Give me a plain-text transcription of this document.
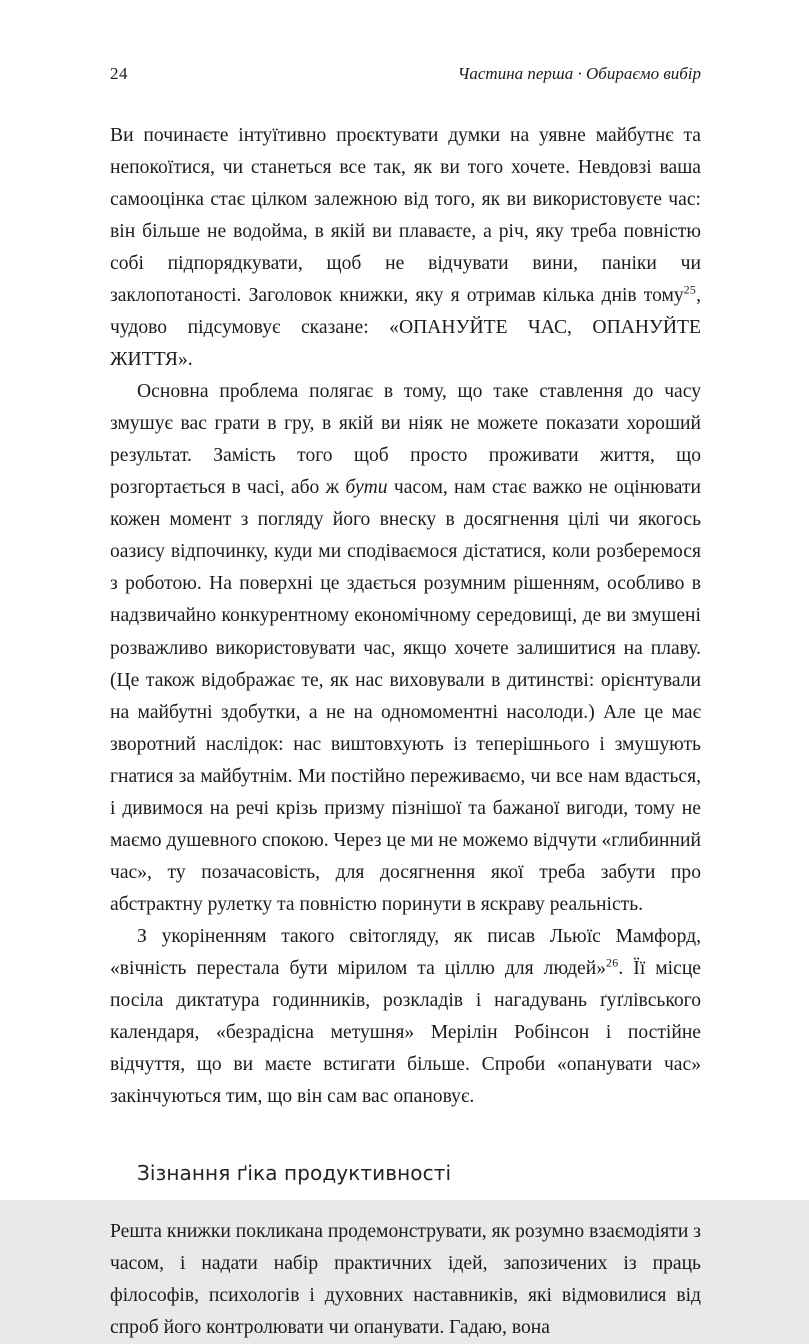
24	Частина перша · Обираємо вибір

Ви починаєте інтуїтивно проєктувати думки на уявне майбутнє та непокоїтися, чи станеться все так, як ви того хочете. Невдовзі ваша самооцінка стає цілком залежною від того, як ви використовуєте час: він більше не водойма, в якій ви плаваєте, а річ, яку треба повністю собі підпорядкувати, щоб не відчувати вини, паніки чи заклопотаності. Заголовок книжки, яку я отримав кілька днів тому$^{25}$, чудово підсумовує сказане: «ОПАНУЙТЕ ЧАС, ОПАНУЙТЕ ЖИТТЯ».

Основна проблема полягає в тому, що таке ставлення до часу змушує вас грати в гру, в якій ви ніяк не можете показати хороший результат. Замість того щоб просто проживати життя, що розгортається в часі, або ж бути часом, нам стає важко не оцінювати кожен момент з погляду його внеску в досягнення цілі чи якогось оазису відпочинку, куди ми сподіваємося дістатися, коли розберемося з роботою. На поверхні це здається розумним рішенням, особливо в надзвичайно конкурентному економічному середовищі, де ви змушені розважливо використовувати час, якщо хочете залишитися на плаву. (Це також відображає те, як нас виховували в дитинстві: орієнтували на майбутні здобутки, а не на одномоментні насолоди.) Але це має зворотний наслідок: нас виштовхують із теперішнього і змушують гнатися за майбутнім. Ми постійно переживаємо, чи все нам вдасться, і дивимося на речі крізь призму пізнішої та бажаної вигоди, тому не маємо душевного спокою. Через це ми не можемо відчути «глибинний час», ту позачасовість, для досягнення якої треба забути про абстрактну рулетку та повністю поринути в яскраву реальність.

З укоріненням такого світогляду, як писав Льюїс Мамфорд, «вічність перестала бути мірилом та ціллю для людей»$^{26}$. Її місце посіла диктатура годинників, розкладів і нагадувань ґуґлівського календаря, «безрадісна метушня» Мерілін Робінсон і постійне відчуття, що ви маєте встигати більше. Спроби «опанувати час» закінчуються тим, що він сам вас опановує.

Зізнання ґіка продуктивності

Решта книжки покликана продемонструвати, як розумно взаємодіяти з часом, і надати набір практичних ідей, запозичених із праць філософів, психологів і духовних наставників, які відмовилися від спроб його контролювати чи опанувати. Гадаю, вона
